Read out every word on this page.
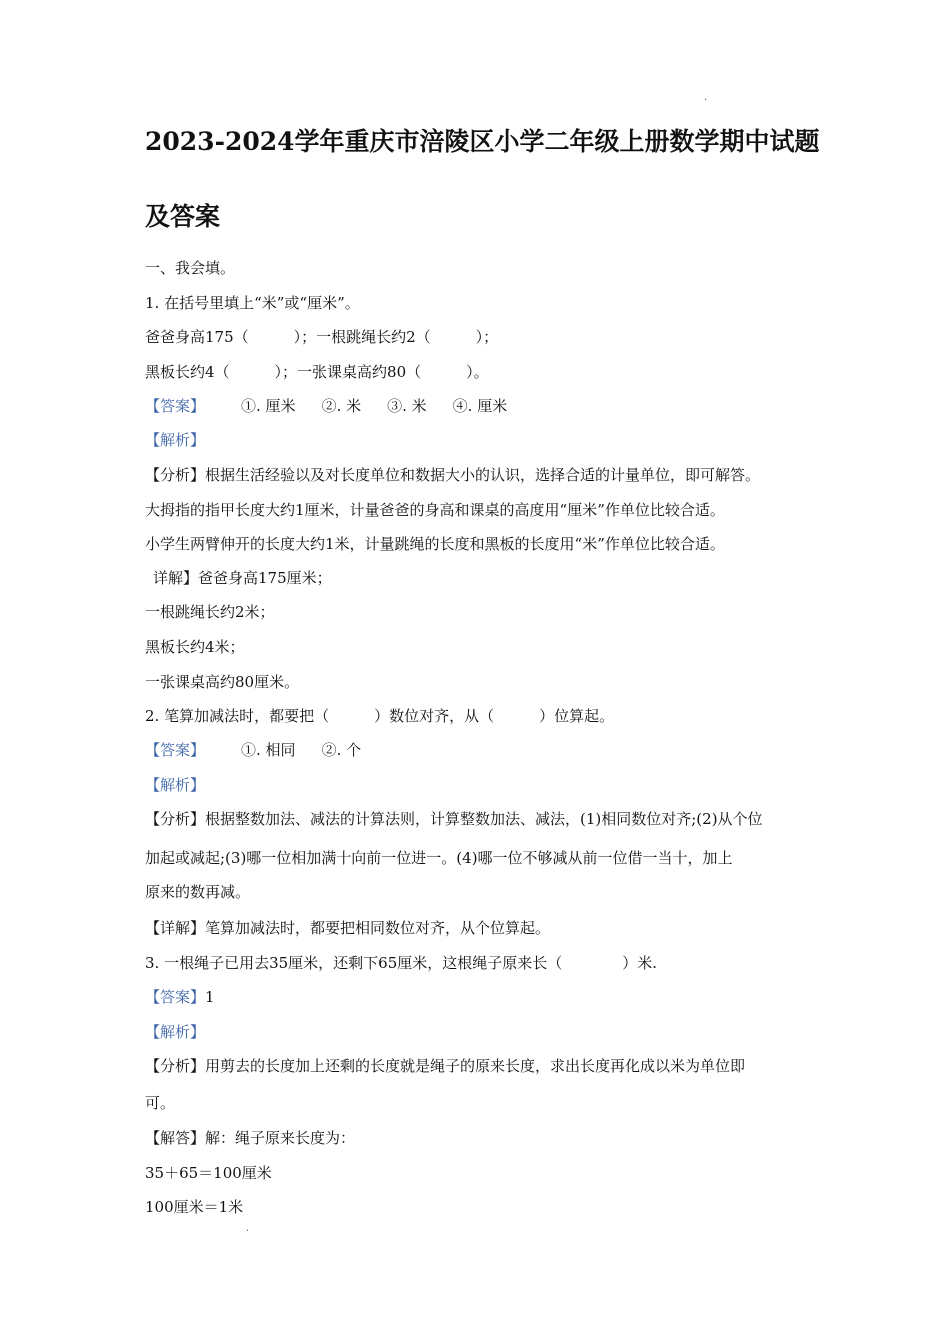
·
2023-2024学年重庆市涪陵区小学二年级上册数学期中试题
及答案
一、我会填。
1. 在括号里填上“米”或“厘米”。
爸爸身高175（　　　）；一根跳绳长约2（　　　）；
黑板长约4（　　　）；一张课桌高约80（　　　）。
【答案】 ①. 厘米 ②. 米 ③. 米 ④. 厘米
【解析】
【分析】根据生活经验以及对长度单位和数据大小的认识，选择合适的计量单位，即可解答。
大拇指的指甲长度大约1厘米，计量爸爸的身高和课桌的高度用“厘米”作单位比较合适。
小学生两臂伸开的长度大约1米，计量跳绳的长度和黑板的长度用“米”作单位比较合适。
详解】爸爸身高175厘米；
一根跳绳长约2米；
黑板长约4米；
一张课桌高约80厘米。
2. 笔算加减法时，都要把（　　　）数位对齐，从（　　　）位算起。
【答案】 ①. 相同 ②. 个
【解析】
【分析】根据整数加法、减法的计算法则，计算整数加法、减法，(1)相同数位对齐;(2)从个位
加起或减起;(3)哪一位相加满十向前一位进一。(4)哪一位不够减从前一位借一当十，加上
原来的数再减。
【详解】笔算加减法时，都要把相同数位对齐，从个位算起。
3. 一根绳子已用去35厘米，还剩下65厘米，这根绳子原来长（　　　　）米.
【答案】1
【解析】
【分析】用剪去的长度加上还剩的长度就是绳子的原来长度，求出长度再化成以米为单位即
可。
【解答】解：绳子原来长度为：
35＋65＝100厘米
100厘米＝1米
·
